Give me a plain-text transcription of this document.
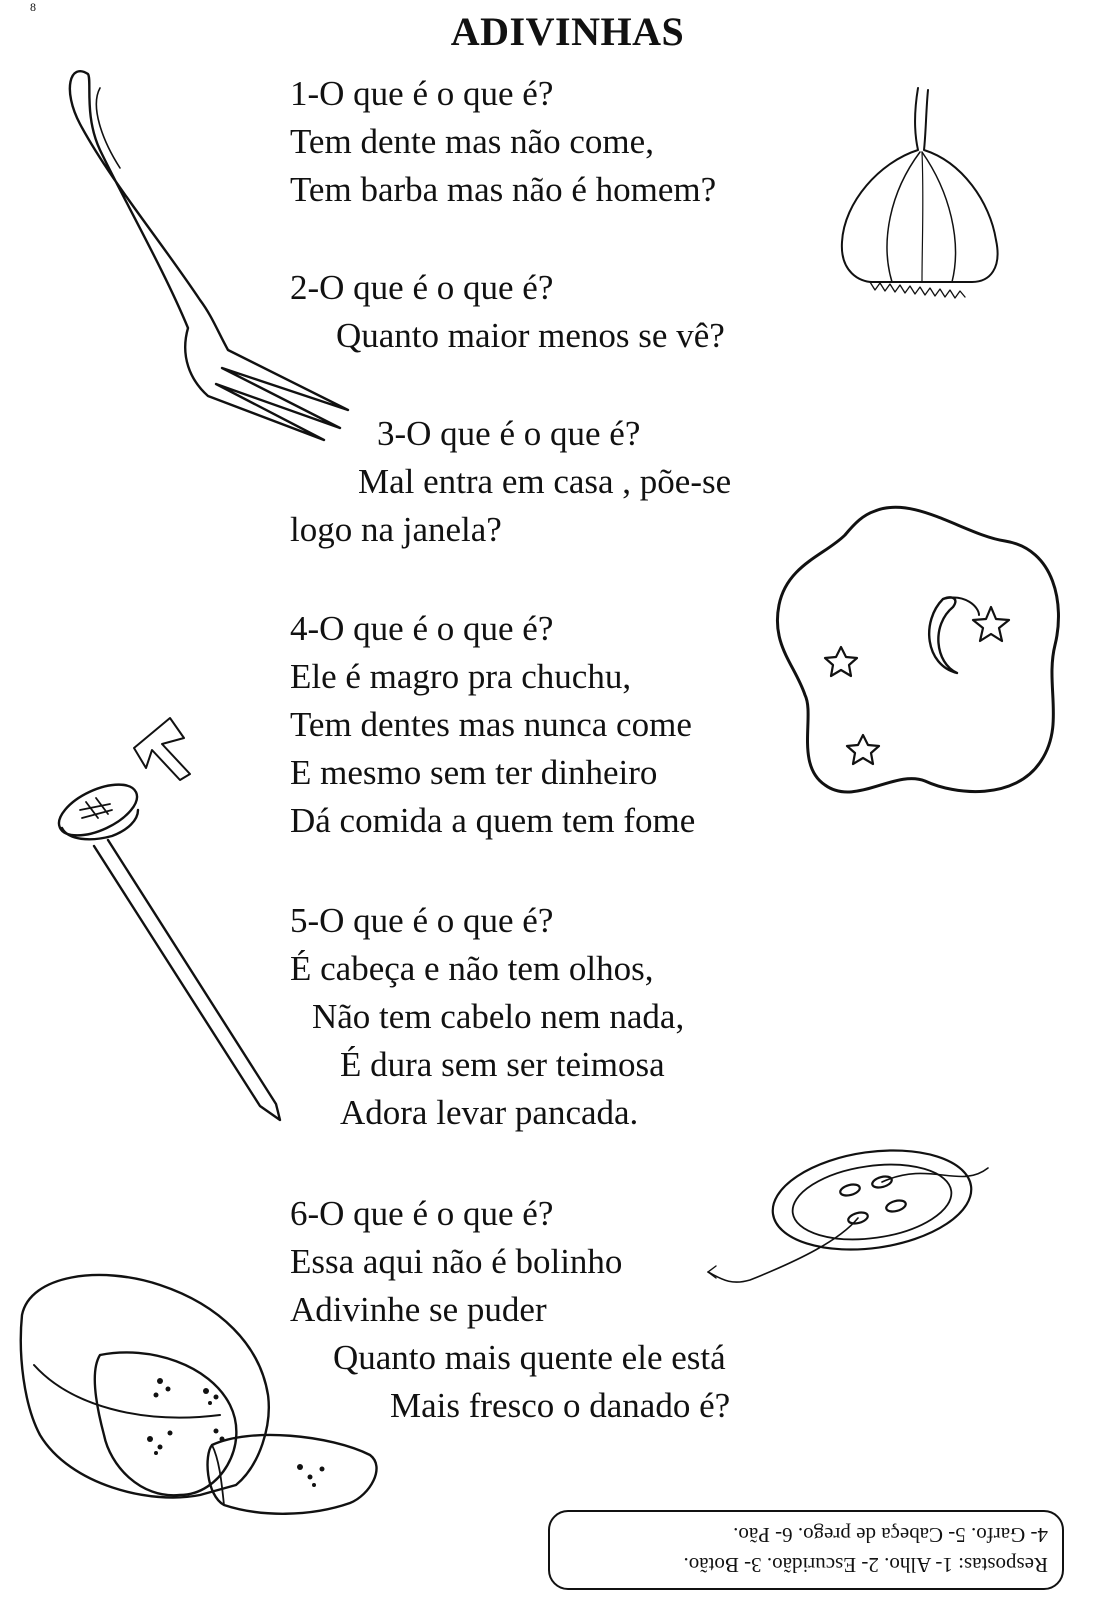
8
ADIVINHAS
1-O que é o que é?
Tem dente mas não come,
Tem barba mas não é homem?
2-O que é o que é?
Quanto maior menos se vê?
3-O que é o que é?
Mal entra em casa , põe-se
logo na janela?
4-O que é o que é?
Ele é magro pra chuchu,
Tem dentes mas nunca come
E mesmo sem ter dinheiro
Dá comida a quem tem fome
5-O que é o que é?
É cabeça e não tem olhos,
Não tem cabelo nem nada,
É dura sem ser teimosa
Adora levar pancada.
6-O que é o que é?
Essa aqui não é bolinho
Adivinhe se puder
Quanto mais quente ele está
Mais fresco o danado é?
Respostas: 1- Alho. 2- Escuridão. 3- Botão.
4- Garfo. 5- Cabeça de prego. 6- Pão.
